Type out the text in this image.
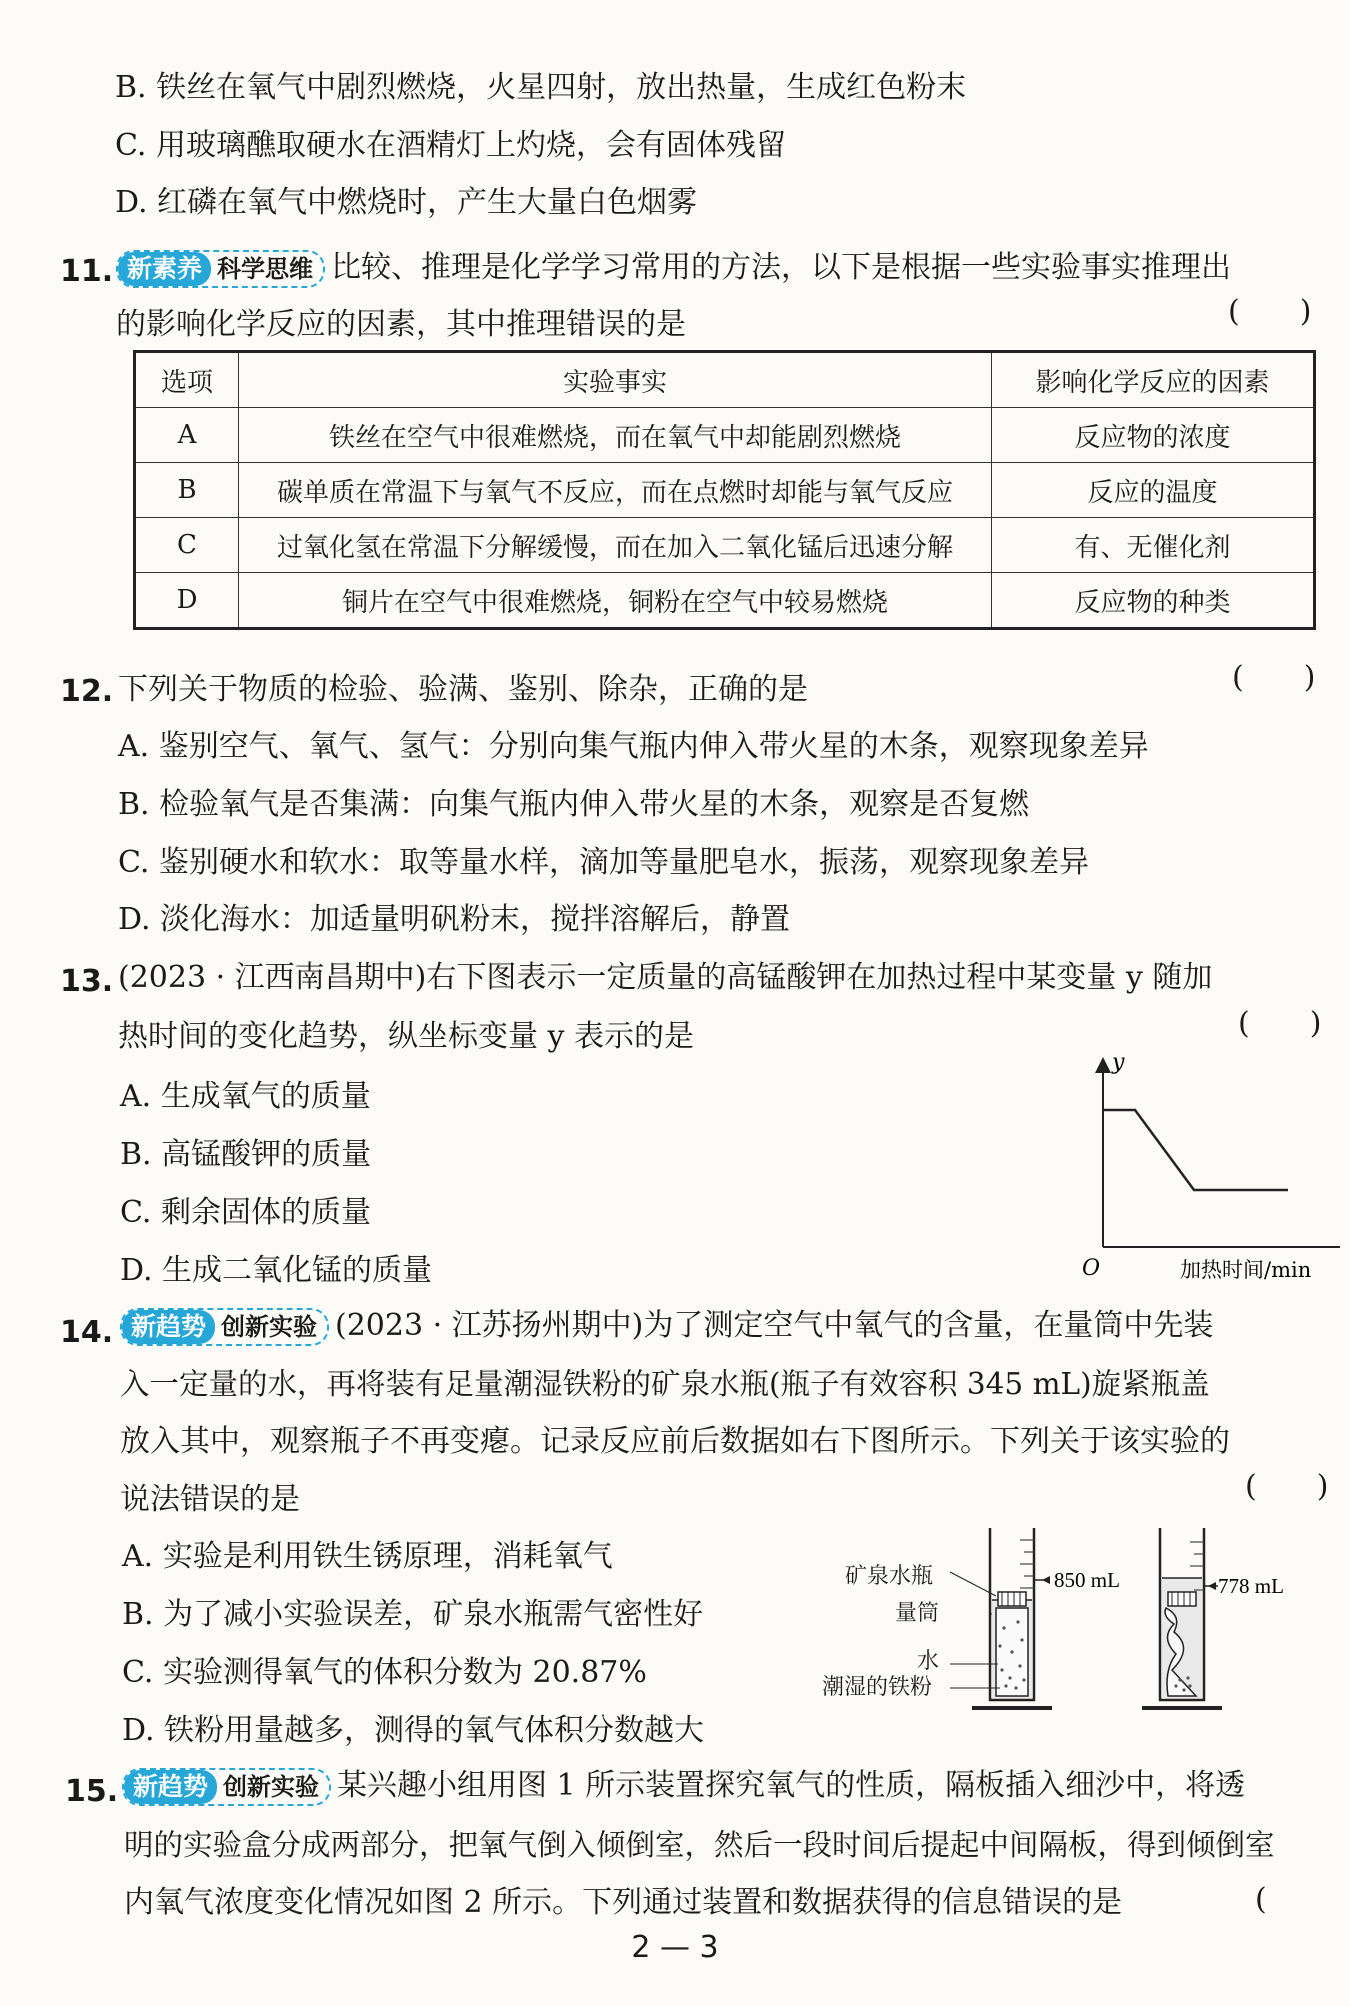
B. 铁丝在氧气中剧烈燃烧，火星四射，放出热量，生成红色粉末
C. 用玻璃醮取硬水在酒精灯上灼烧，会有固体残留
D. 红磷在氧气中燃烧时，产生大量白色烟雾
11. 新素养 科学思维 比较、推理是化学学习常用的方法，以下是根据一些实验事实推理出
的影响化学反应的因素，其中推理错误的是	(　　)
选项	实验事实	影响化学反应的因素
A	铁丝在空气中很难燃烧，而在氧气中却能剧烈燃烧	反应物的浓度
B	碳单质在常温下与氧气不反应，而在点燃时却能与氧气反应	反应的温度
C	过氧化氢在常温下分解缓慢，而在加入二氧化锰后迅速分解	有、无催化剂
D	铜片在空气中很难燃烧，铜粉在空气中较易燃烧	反应物的种类
12. 下列关于物质的检验、验满、鉴别、除杂，正确的是	(　　)
A. 鉴别空气、氧气、氢气：分别向集气瓶内伸入带火星的木条，观察现象差异
B. 检验氧气是否集满：向集气瓶内伸入带火星的木条，观察是否复燃
C. 鉴别硬水和软水：取等量水样，滴加等量肥皂水，振荡，观察现象差异
D. 淡化海水：加适量明矾粉末，搅拌溶解后，静置
13. (2023 · 江西南昌期中)右下图表示一定质量的高锰酸钾在加热过程中某变量 y 随加
热时间的变化趋势，纵坐标变量 y 表示的是	(　　)
A. 生成氧气的质量
B. 高锰酸钾的质量
C. 剩余固体的质量
D. 生成二氧化锰的质量
y
O	加热时间/min
14. 新趋势 创新实验 (2023 · 江苏扬州期中)为了测定空气中氧气的含量，在量筒中先装
入一定量的水，再将装有足量潮湿铁粉的矿泉水瓶(瓶子有效容积 345 mL)旋紧瓶盖
放入其中，观察瓶子不再变瘪。记录反应前后数据如右下图所示。下列关于该实验的
说法错误的是	(　　)
A. 实验是利用铁生锈原理，消耗氧气
B. 为了减小实验误差，矿泉水瓶需气密性好
C. 实验测得氧气的体积分数为 20.87%
D. 铁粉用量越多，测得的氧气体积分数越大
850 mL	778 mL
矿泉水瓶
量筒
水
潮湿的铁粉
15. 新趋势 创新实验 某兴趣小组用图 1 所示装置探究氧气的性质，隔板插入细沙中，将透
明的实验盒分成两部分，把氧气倒入倾倒室，然后一段时间后提起中间隔板，得到倾倒室
内氧气浓度变化情况如图 2 所示。下列通过装置和数据获得的信息错误的是	(
2 — 3
